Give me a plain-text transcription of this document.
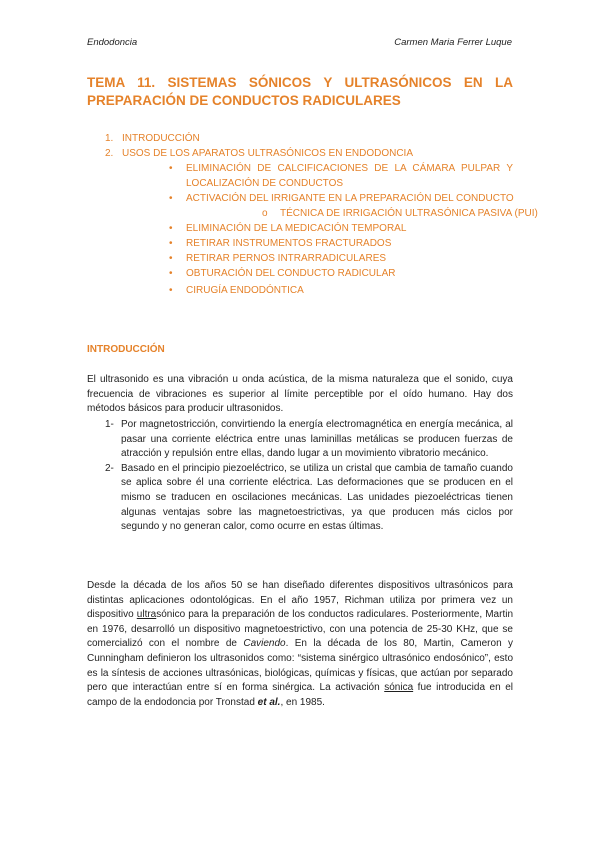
Endodoncia	Carmen Maria Ferrer Luque
TEMA 11. SISTEMAS SÓNICOS Y ULTRASÓNICOS EN LA PREPARACIÓN DE CONDUCTOS RADICULARES
1. INTRODUCCIÓN
2. USOS DE LOS APARATOS ULTRASÓNICOS EN ENDODONCIA
• ELIMINACIÓN DE CALCIFICACIONES DE LA CÁMARA PULPAR Y LOCALIZACIÓN DE CONDUCTOS
• ACTIVACIÓN DEL IRRIGANTE EN LA PREPARACIÓN DEL CONDUCTO
o TÉCNICA DE IRRIGACIÓN ULTRASÓNICA PASIVA (PUI)
• ELIMINACIÓN DE LA MEDICACIÓN TEMPORAL
• RETIRAR INSTRUMENTOS FRACTURADOS
• RETIRAR PERNOS INTRARRADICULARES
• OBTURACIÓN DEL CONDUCTO RADICULAR
• CIRUGÍA ENDODÓNTICA
INTRODUCCIÓN
El ultrasonido es una vibración u onda acústica, de la misma naturaleza que el sonido, cuya frecuencia de vibraciones es superior al límite perceptible por el oído humano. Hay dos métodos básicos para producir ultrasonidos.
1- Por magnetostricción, convirtiendo la energía electromagnética en energía mecánica, al pasar una corriente eléctrica entre unas laminillas metálicas se producen fuerzas de atracción y repulsión entre ellas, dando lugar a un movimiento vibratorio mecánico.
2- Basado en el principio piezoeléctrico, se utiliza un cristal que cambia de tamaño cuando se aplica sobre él una corriente eléctrica. Las deformaciones que se producen en el mismo se traducen en oscilaciones mecánicas. Las unidades piezoeléctricas tienen algunas ventajas sobre las magnetoestrictivas, ya que producen más ciclos por segundo y no generan calor, como ocurre en estas últimas.
Desde la década de los años 50 se han diseñado diferentes dispositivos ultrasónicos para distintas aplicaciones odontológicas. En el año 1957, Richman utiliza por primera vez un dispositivo ultrasónico para la preparación de los conductos radiculares. Posteriormente, Martin en 1976, desarrolló un dispositivo magnetoestrictivo, con una potencia de 25-30 KHz, que se comercializó con el nombre de Caviendo. En la década de los 80, Martin, Cameron y Cunningham definieron los ultrasonidos como: “sistema sinérgico ultrasónico endosónico”, esto es la síntesis de acciones ultrasónicas, biológicas, químicas y físicas, que actúan por separado pero que interactúan entre sí en forma sinérgica. La activación sónica fue introducida en el campo de la endodoncia por Tronstad et al., en 1985.
